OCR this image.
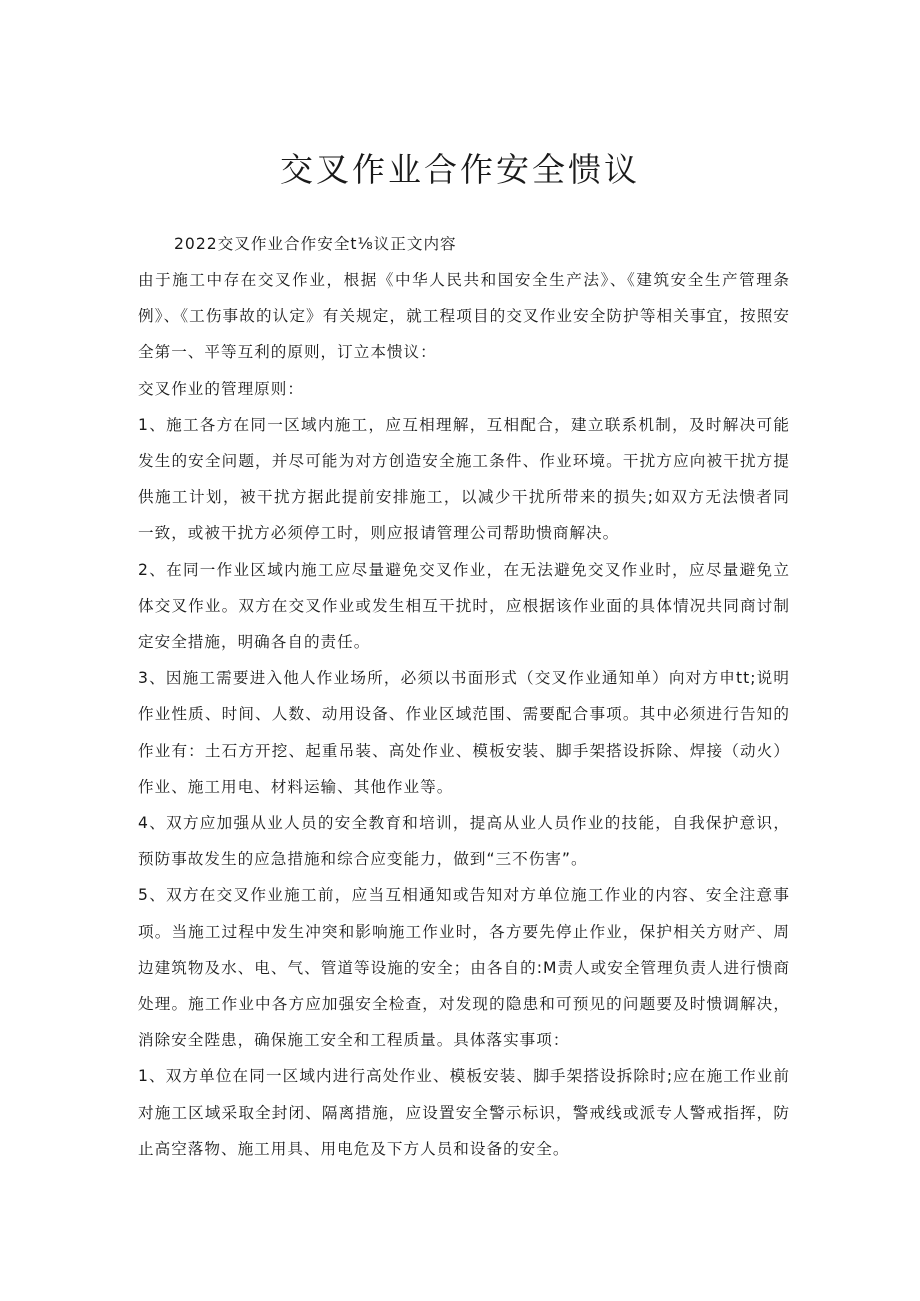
交叉作业合作安全愦议

2022交叉作业合作安全t⅛议正文内容

由于施工中存在交叉作业，根据《中华人民共和国安全生产法》、《建筑安全生产管理条例》、《工伤事故的认定》有关规定，就工程项目的交叉作业安全防护等相关事宜，按照安全第一、平等互利的原则，订立本愦议：

交叉作业的管理原则：

1、施工各方在同一区域内施工，应互相理解，互相配合，建立联系机制，及时解决可能发生的安全问题，并尽可能为对方创造安全施工条件、作业环境。干扰方应向被干扰方提供施工计划，被干扰方据此提前安排施工，以减少干扰所带来的损失;如双方无法愦者同一致，或被干扰方必须停工时，则应报请管理公司帮助愦商解决。

2、在同一作业区域内施工应尽量避免交叉作业，在无法避免交叉作业时，应尽量避免立体交叉作业。双方在交叉作业或发生相互干扰时，应根据该作业面的具体情况共同商讨制定安全措施，明确各自的责任。

3、因施工需要进入他人作业场所，必须以书面形式（交叉作业通知单）向对方申tt;说明作业性质、时间、人数、动用设备、作业区域范围、需要配合事项。其中必须进行告知的作业有：土石方开挖、起重吊装、高处作业、模板安装、脚手架搭设拆除、焊接（动火）作业、施工用电、材料运输、其他作业等。

4、双方应加强从业人员的安全教育和培训，提高从业人员作业的技能，自我保护意识，预防事故发生的应急措施和综合应变能力，做到“三不伤害”。

5、双方在交叉作业施工前，应当互相通知或告知对方单位施工作业的内容、安全注意事项。当施工过程中发生冲突和影响施工作业时，各方要先停止作业，保护相关方财产、周边建筑物及水、电、气、管道等设施的安全；由各自的:M责人或安全管理负责人进行愦商处理。施工作业中各方应加强安全检查，对发现的隐患和可预见的问题要及时愦调解决，消除安全陛患，确保施工安全和工程质量。具体落实事项：

1、双方单位在同一区域内进行高处作业、模板安装、脚手架搭设拆除时;应在施工作业前对施工区域采取全封闭、隔离措施，应设置安全警示标识，警戒线或派专人警戒指挥，防止高空落物、施工用具、用电危及下方人员和设备的安全。
